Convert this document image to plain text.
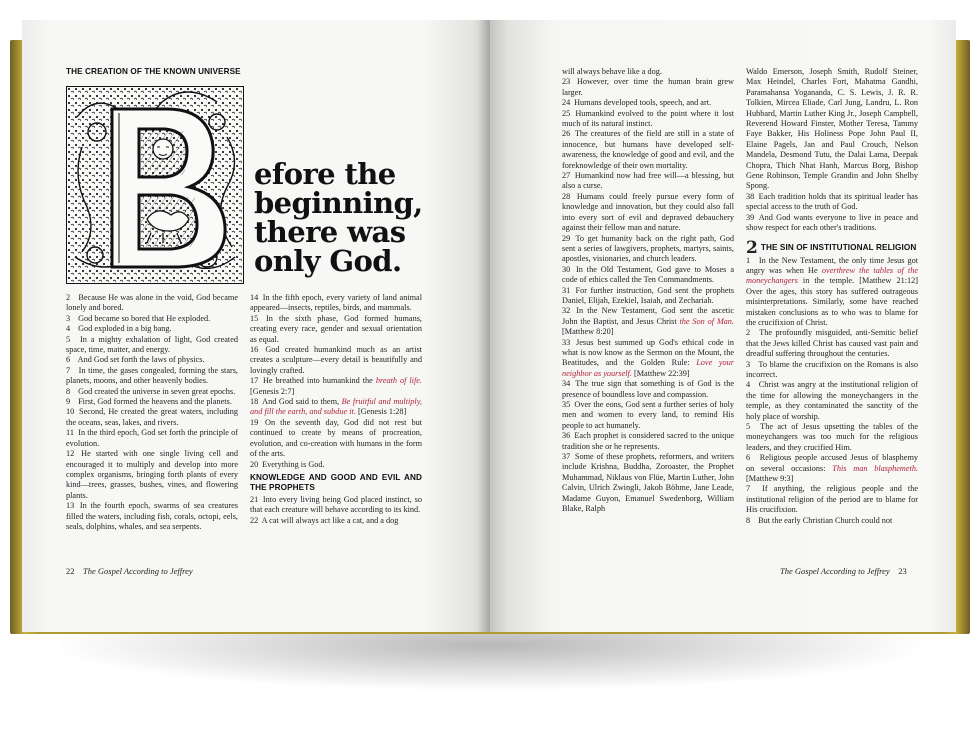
THE CREATION OF THE KNOWN UNIVERSE
efore the
beginning,
there was
only God.

2 Because He was alone in the void, God became lonely and bored.

3 God became so bored that He exploded.

4 God exploded in a big bang.

5 In a mighty exhalation of light, God created space, time, matter, and energy.

6 And God set forth the laws of physics.

7 In time, the gases congealed, forming the stars, planets, moons, and other heavenly bodies.

8 God created the universe in seven great epochs.

9 First, God formed the heavens and the planets.

10 Second, He created the great waters, including the oceans, seas, lakes, and rivers.

11 In the third epoch, God set forth the principle of evolution.

12 He started with one single living cell and encouraged it to multiply and develop into more complex organisms, bringing forth plants of every kind—trees, grasses, bushes, vines, and flowering plants.

13 In the fourth epoch, swarms of sea creatures filled the waters, including fish, corals, octopi, eels, seals, dolphins, whales, and sea serpents.

14 In the fifth epoch, every variety of land animal appeared—insects, reptiles, birds, and mammals.

15 In the sixth phase, God formed humans, creating every race, gender and sexual orientation as equal.

16 God created humankind much as an artist creates a sculpture—every detail is beautifully and lovingly crafted.

17 He breathed into humankind the breath of life. [Genesis 2:7]

18 And God said to them, Be fruitful and multiply, and fill the earth, and subdue it. [Genesis 1:28]

19 On the seventh day, God did not rest but continued to create by means of procreation, evolution, and co-creation with humans in the form of the arts.

20 Everything is God.

KNOWLEDGE AND GOOD AND EVIL AND THE PROPHETS

21 Into every living being God placed instinct, so that each creature will behave according to its kind.

22 A cat will always act like a cat, and a dog

22 The Gospel According to Jeffrey

will always behave like a dog.

23 However, over time the human brain grew larger.

24 Humans developed tools, speech, and art.

25 Humankind evolved to the point where it lost much of its natural instinct.

26 The creatures of the field are still in a state of innocence, but humans have developed self-awareness, the knowledge of good and evil, and the foreknowledge of their own mortality.

27 Humankind now had free will—a blessing, but also a curse.

28 Humans could freely pursue every form of knowledge and innovation, but they could also fall into every sort of evil and depraved debauchery against their fellow man and nature.

29 To get humanity back on the right path, God sent a series of lawgivers, prophets, martyrs, saints, apostles, visionaries, and church leaders.

30 In the Old Testament, God gave to Moses a code of ethics called the Ten Commandments.

31 For further instruction, God sent the prophets Daniel, Elijah, Ezekiel, Isaiah, and Zechariah.

32 In the New Testament, God sent the ascetic John the Baptist, and Jesus Christ the Son of Man. [Matthew 8:20]

33 Jesus best summed up God's ethical code in what is now know as the Sermon on the Mount, the Beatitudes, and the Golden Rule: Love your neighbor as yourself. [Matthew 22:39]

34 The true sign that something is of God is the presence of boundless love and compassion.

35 Over the eons, God sent a further series of holy men and women to every land, to remind His people to act humanely.

36 Each prophet is considered sacred to the unique tradition she or he represents.

37 Some of these prophets, reformers, and writers include Krishna, Buddha, Zoroaster, the Prophet Muhammad, Niklaus von Flüe, Martin Luther, John Calvin, Ulrich Zwingli, Jakob Böhme, Jane Leade, Madame Guyon, Emanuel Swedenborg, William Blake, Ralph

Waldo Emerson, Joseph Smith, Rudolf Steiner, Max Heindel, Charles Fort, Mahatma Gandhi, Paramahansa Yogananda, C. S. Lewis, J. R. R. Tolkien, Mircea Eliade, Carl Jung, Landru, L. Ron Hubbard, Martin Luther King Jr., Joseph Campbell, Reverend Howard Finster, Mother Teresa, Tammy Faye Bakker, His Holiness Pope John Paul II, Elaine Pagels, Jan and Paul Crouch, Nelson Mandela, Desmond Tutu, the Dalai Lama, Deepak Chopra, Thich Nhat Hanh, Marcus Borg, Bishop Gene Robinson, Temple Grandin and John Shelby Spong.

38 Each tradition holds that its spiritual leader has special access to the truth of God.

39 And God wants everyone to live in peace and show respect for each other's traditions.

2 THE SIN OF INSTITUTIONAL RELIGION

1 In the New Testament, the only time Jesus got angry was when He overthrew the tables of the moneychangers in the temple. [Matthew 21:12] Over the ages, this story has suffered outrageous misinterpretations. Similarly, some have reached mistaken conclusions as to who was to blame for the crucifixion of Christ.

2 The profoundly misguided, anti-Semitic belief that the Jews killed Christ has caused vast pain and dreadful suffering throughout the centuries.

3 To blame the crucifixion on the Romans is also incorrect.

4 Christ was angry at the institutional religion of the time for allowing the moneychangers in the temple, as they contaminated the sanctity of the holy place of worship.

5 The act of Jesus upsetting the tables of the moneychangers was too much for the religious leaders, and they crucified Him.

6 Religious people accused Jesus of blasphemy on several occasions: This man blasphemeth. [Matthew 9:3]

7 If anything, the religious people and the institutional religion of the period are to blame for His crucifixion.

8 But the early Christian Church could not

The Gospel According to Jeffrey 23
